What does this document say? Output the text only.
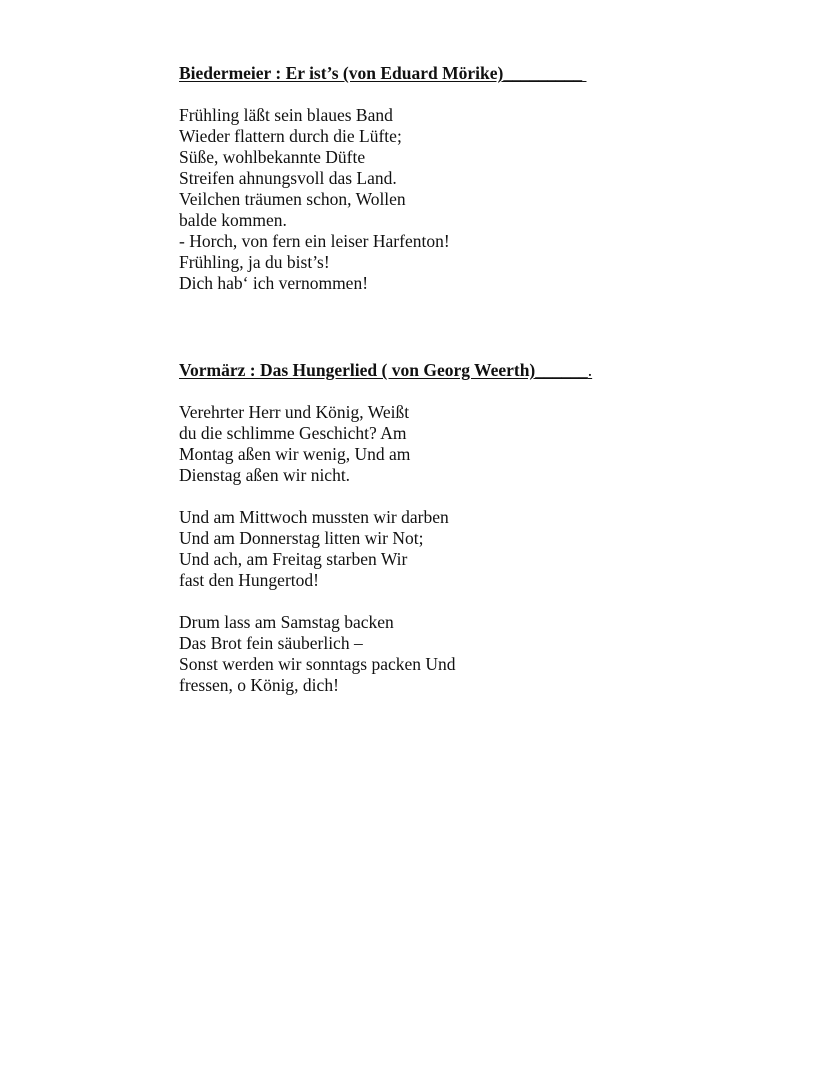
Biedermeier : Er ist’s (von Eduard Mörike)_________
Frühling läßt sein blaues Band
Wieder flattern durch die Lüfte;
Süße, wohlbekannte Düfte
Streifen ahnungsvoll das Land.
Veilchen träumen schon, Wollen
balde kommen.
- Horch, von fern ein leiser Harfenton!
Frühling, ja du bist’s!
Dich hab‘ ich vernommen!
Vormärz : Das Hungerlied ( von Georg Weerth)______.
Verehrter Herr und König, Weißt
du die schlimme Geschicht? Am
Montag aßen wir wenig, Und am
Dienstag aßen wir nicht.
Und am Mittwoch mussten wir darben
Und am Donnerstag litten wir Not;
Und ach, am Freitag starben Wir
fast den Hungertod!
Drum lass am Samstag backen
Das Brot fein säuberlich –
Sonst werden wir sonntags packen Und
fressen, o König, dich!
